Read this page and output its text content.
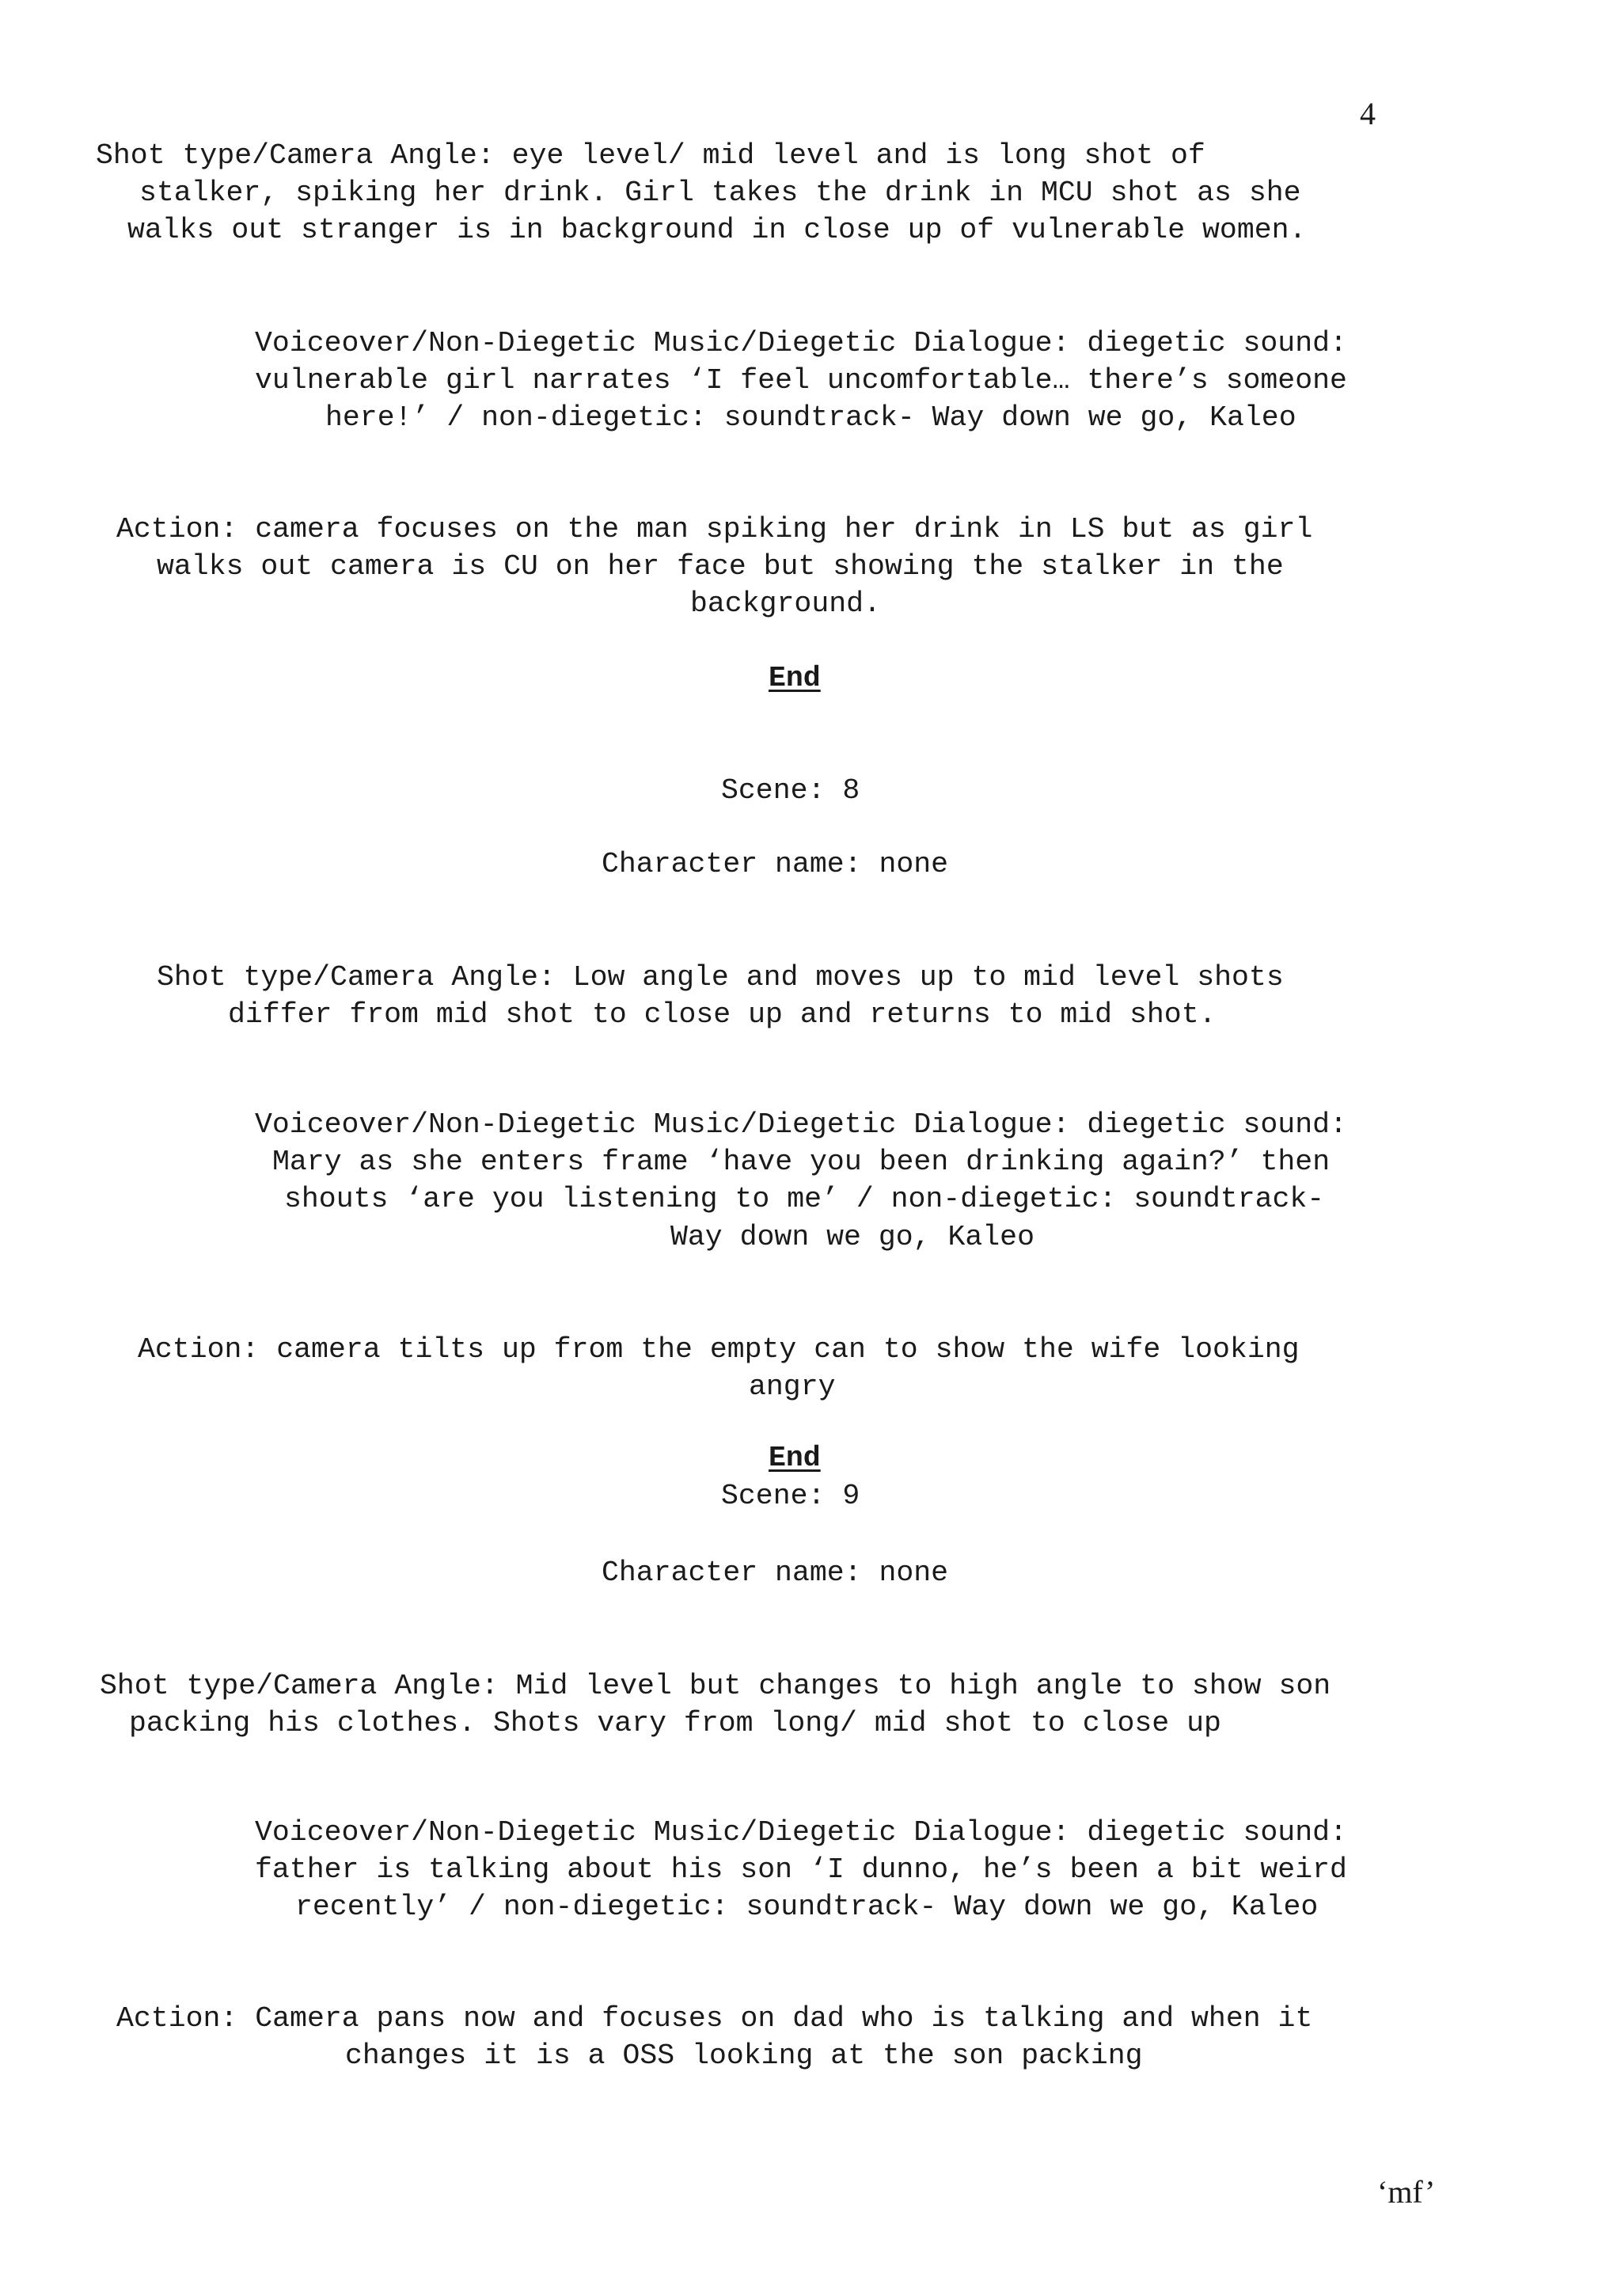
4
Shot type/Camera Angle: eye level/ mid level and is long shot of
stalker, spiking her drink. Girl takes the drink in MCU shot as she
walks out stranger is in background in close up of vulnerable women.
Voiceover/Non-Diegetic Music/Diegetic Dialogue: diegetic sound:
vulnerable girl narrates ‘I feel uncomfortable… there’s someone
here!’ / non-diegetic: soundtrack- Way down we go, Kaleo
Action: camera focuses on the man spiking her drink in LS but as girl
walks out camera is CU on her face but showing the stalker in the
background.
End
Scene: 8
Character name: none
Shot type/Camera Angle: Low angle and moves up to mid level shots
differ from mid shot to close up and returns to mid shot.
Voiceover/Non-Diegetic Music/Diegetic Dialogue: diegetic sound:
Mary as she enters frame ‘have you been drinking again?’ then
shouts ‘are you listening to me’ / non-diegetic: soundtrack-
Way down we go, Kaleo
Action: camera tilts up from the empty can to show the wife looking
angry
End
Scene: 9
Character name: none
Shot type/Camera Angle: Mid level but changes to high angle to show son
packing his clothes. Shots vary from long/ mid shot to close up
Voiceover/Non-Diegetic Music/Diegetic Dialogue: diegetic sound:
father is talking about his son ‘I dunno, he’s been a bit weird
recently’ / non-diegetic: soundtrack- Way down we go, Kaleo
Action: Camera pans now and focuses on dad who is talking and when it
changes it is a OSS looking at the son packing
‘mf’
